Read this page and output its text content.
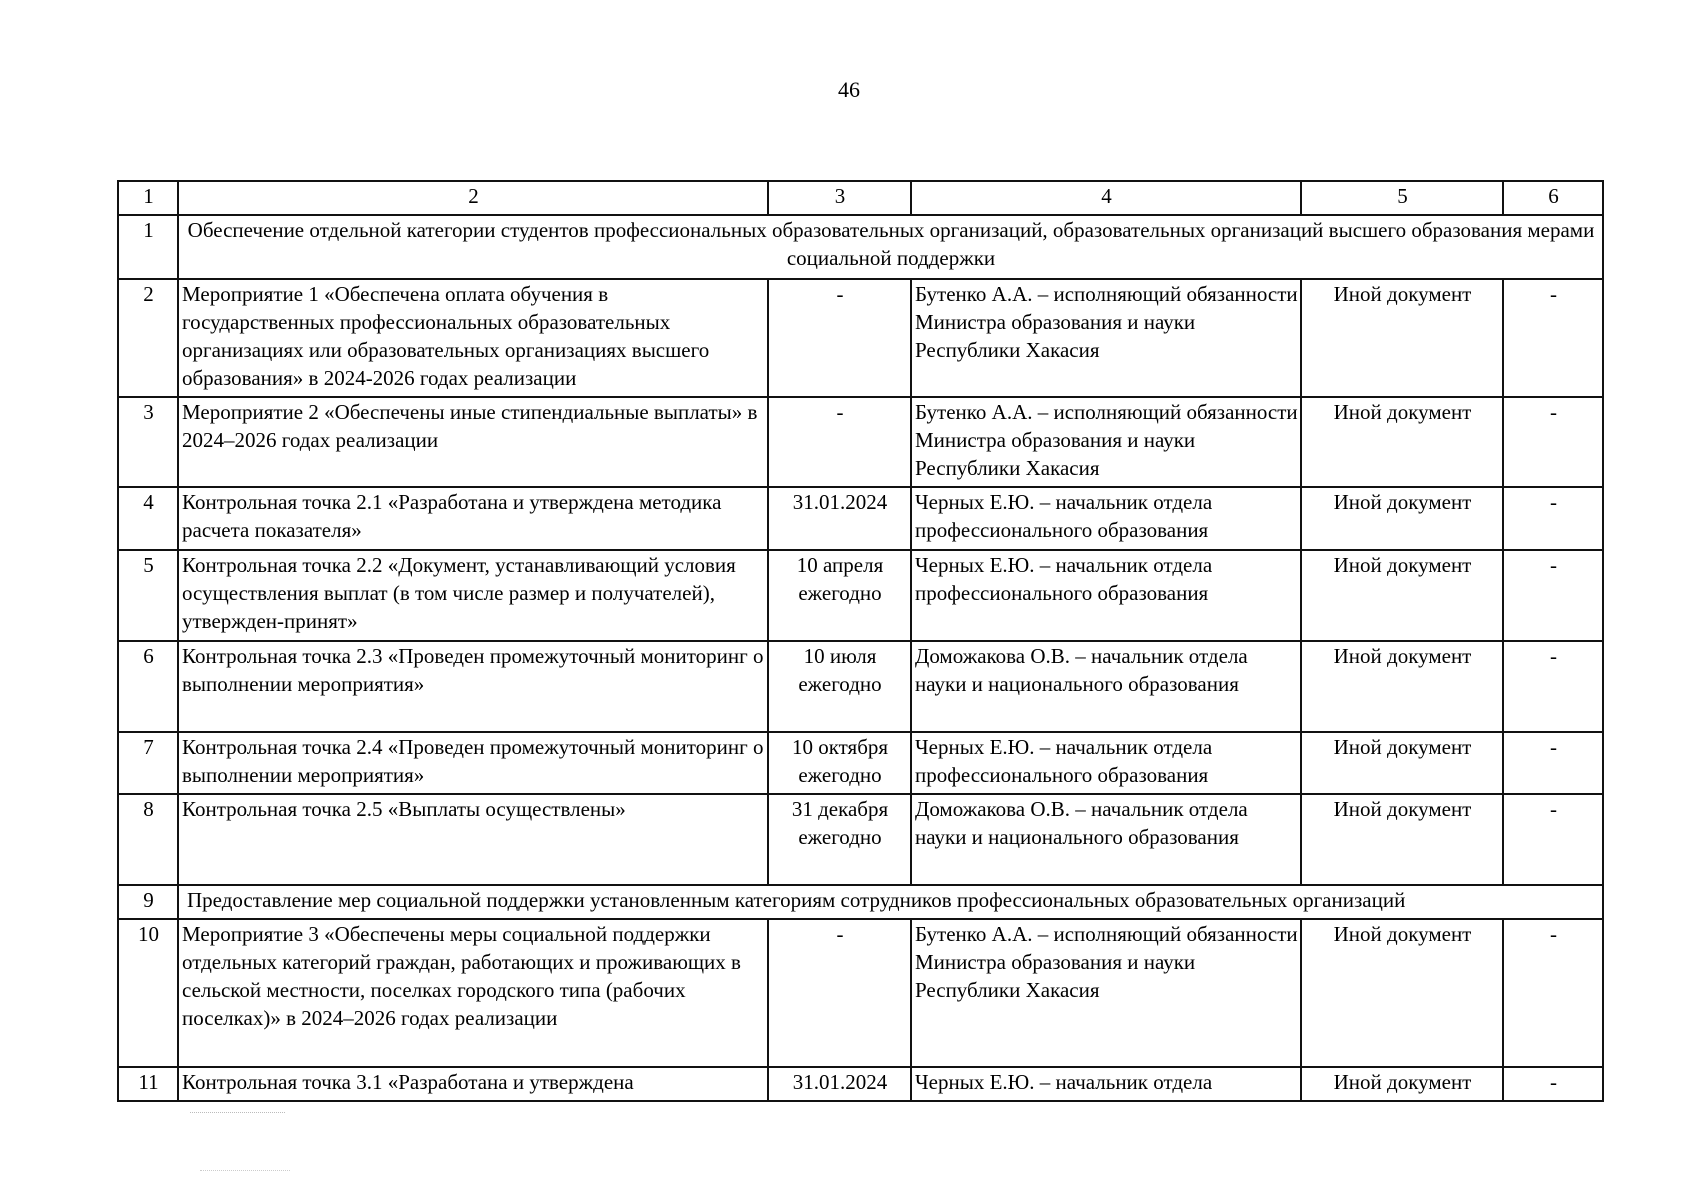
46
1	2	3	4	5	6
1	Обеспечение отдельной категории студентов профессиональных образовательных организаций, образовательных организаций высшего образования мерами социальной поддержки				
2	Мероприятие 1 «Обеспечена оплата обучения в государственных профессиональных образовательных организациях или образовательных организациях высшего образования» в 2024-2026 годах реализации	-	Бутенко А.А. – исполняющий обязанности Министра образования и науки Республики Хакасия	Иной документ	-
3	Мероприятие 2 «Обеспечены иные стипендиальные выплаты» в 2024–2026 годах реализации	-	Бутенко А.А. – исполняющий обязанности Министра образования и науки Республики Хакасия	Иной документ	-
4	Контрольная точка 2.1 «Разработана и утверждена методика расчета показателя»	31.01.2024	Черных Е.Ю. – начальник отдела профессионального образования	Иной документ	-
5	Контрольная точка 2.2 «Документ, устанавливающий условия осуществления выплат (в том числе размер и получателей), утвержден-принят»	10 апреля ежегодно	Черных Е.Ю. – начальник отдела профессионального образования	Иной документ	-
6	Контрольная точка 2.3 «Проведен промежуточный мониторинг о выполнении мероприятия»	10 июля ежегодно	Доможакова О.В. – начальник отдела науки и национального образования	Иной документ	-
7	Контрольная точка 2.4 «Проведен промежуточный мониторинг о выполнении мероприятия»	10 октября ежегодно	Черных Е.Ю. – начальник отдела профессионального образования	Иной документ	-
8	Контрольная точка 2.5 «Выплаты осуществлены»	31 декабря ежегодно	Доможакова О.В. – начальник отдела науки и национального образования	Иной документ	-
9	Предоставление мер социальной поддержки установленным категориям сотрудников профессиональных образовательных организаций				
10	Мероприятие 3 «Обеспечены меры социальной поддержки отдельных категорий граждан, работающих и проживающих в сельской местности, поселках городского типа (рабочих поселках)» в 2024–2026 годах реализации	-	Бутенко А.А. – исполняющий обязанности Министра образования и науки Республики Хакасия	Иной документ	-
11	Контрольная точка 3.1 «Разработана и утверждена	31.01.2024	Черных Е.Ю. – начальник отдела	Иной документ	-
